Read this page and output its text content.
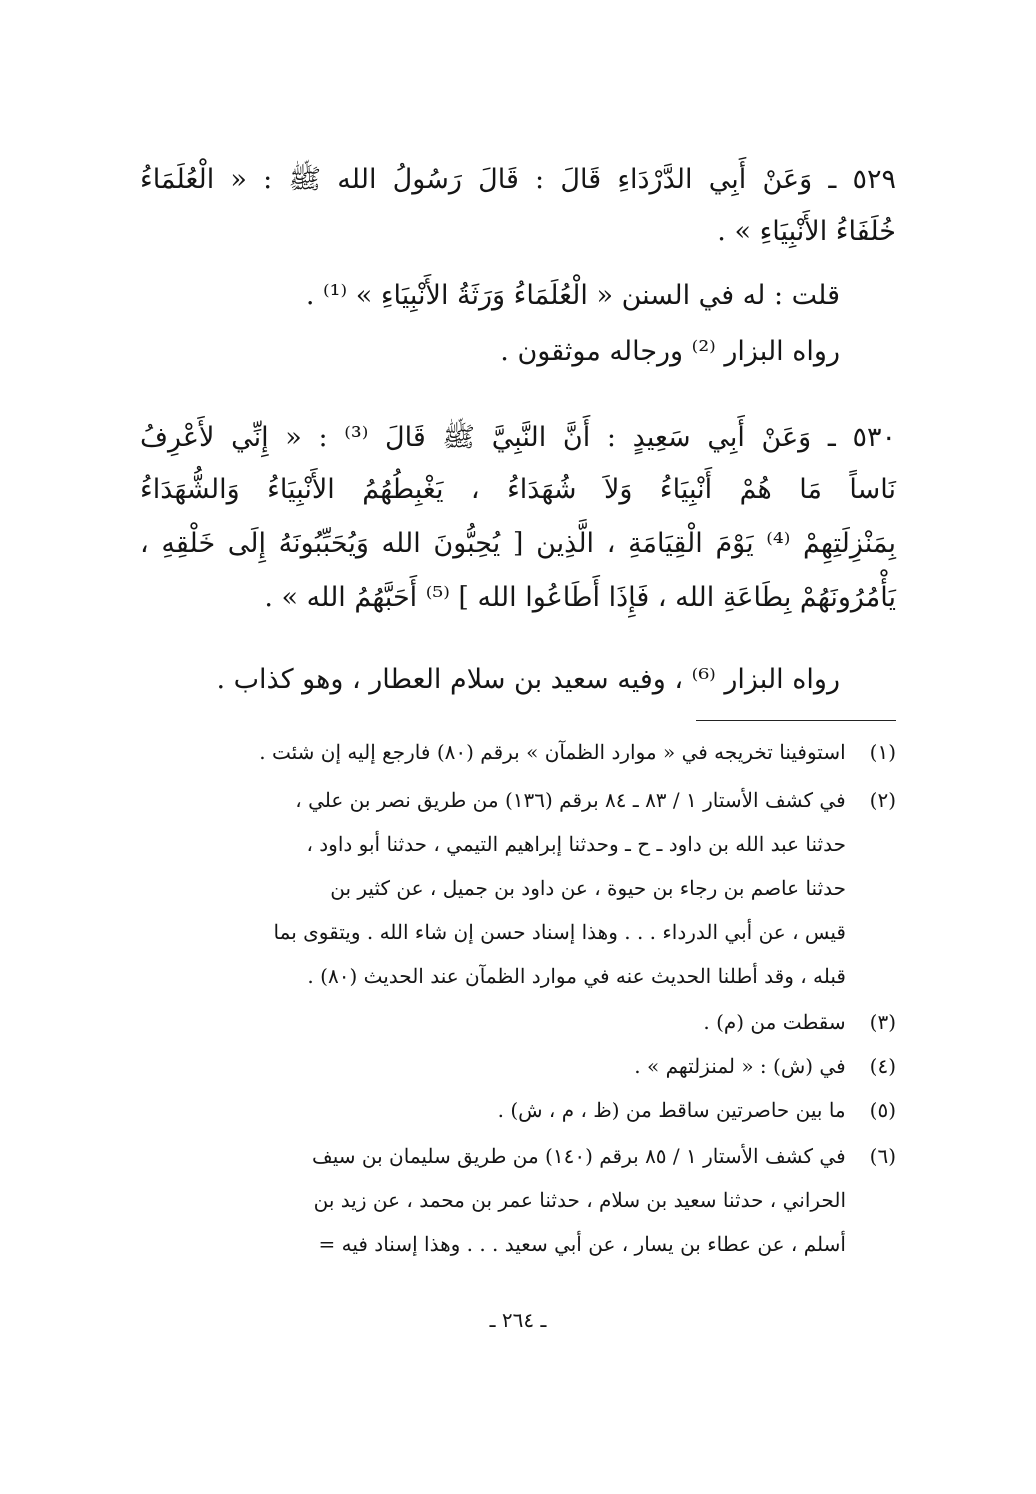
٥٢٩ ـ وَعَنْ أَبِي الدَّرْدَاءِ قَالَ : قَالَ رَسُولُ الله ﷺ : « الْعُلَمَاءُ
خُلَفَاءُ الأَنْبِيَاءِ » .
قلت : له في السنن « الْعُلَمَاءُ وَرَثَةُ الأَنْبِيَاءِ » ⁽¹⁾ .
رواه البزار ⁽²⁾ ورجاله موثقون .
٥٣٠ ـ وَعَنْ أَبِي سَعِيدٍ : أَنَّ النَّبِيَّ ﷺ قَالَ ⁽³⁾ : « إِنِّي لأَعْرِفُ
نَاساً مَا هُمْ أَنْبِيَاءُ وَلاَ شُهَدَاءُ ، يَغْبِطُهُمُ الأَنْبِيَاءُ وَالشُّهَدَاءُ
بِمَنْزِلَتِهِمْ ⁽⁴⁾ يَوْمَ الْقِيَامَةِ ، الَّذِين [ يُحِبُّونَ الله وَيُحَبِّبُونَهُ إِلَى خَلْقِهِ ،
يَأْمُرُونَهُمْ بِطَاعَةِ الله ، فَإِذَا أَطَاعُوا الله ] ⁽⁵⁾ أَحَبَّهُمُ الله » .
رواه البزار ⁽⁶⁾ ، وفيه سعيد بن سلام العطار ، وهو كذاب .
(١) استوفينا تخريجه في « موارد الظمآن » برقم (٨٠) فارجع إليه إن شئت .
(٢) في كشف الأستار ١ / ٨٣ ـ ٨٤ برقم (١٣٦) من طريق نصر بن علي ،
حدثنا عبد الله بن داود ـ ح ـ وحدثنا إبراهيم التيمي ، حدثنا أبو داود ،
حدثنا عاصم بن رجاء بن حيوة ، عن داود بن جميل ، عن كثير بن
قيس ، عن أبي الدرداء . . . وهذا إسناد حسن إن شاء الله . ويتقوى بما
قبله ، وقد أطلنا الحديث عنه في موارد الظمآن عند الحديث (٨٠) .
(٣) سقطت من (م) .
(٤) في (ش) : « لمنزلتهم » .
(٥) ما بين حاصرتين ساقط من (ظ ، م ، ش) .
(٦) في كشف الأستار ١ / ٨٥ برقم (١٤٠) من طريق سليمان بن سيف
الحراني ، حدثنا سعيد بن سلام ، حدثنا عمر بن محمد ، عن زيد بن
أسلم ، عن عطاء بن يسار ، عن أبي سعيد . . . وهذا إسناد فيه =
ـ ٢٦٤ ـ
